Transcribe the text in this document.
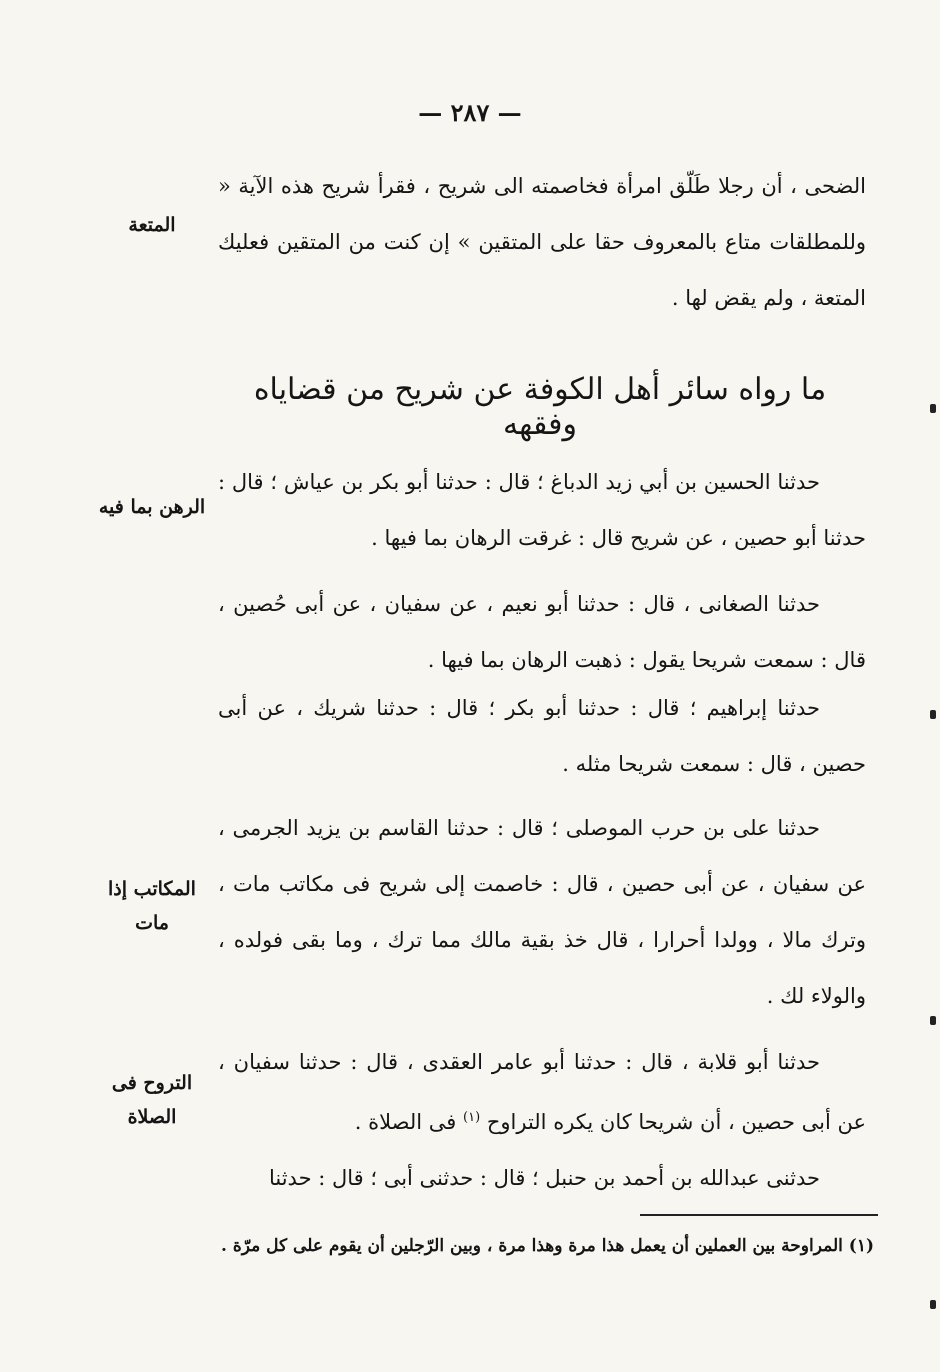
— ٢٨٧ —
المتعة
الرهن بما فيه
المكاتب إذا مات
التروح فى الصلاة

الضحى ، أن رجلا طَلّق امرأة فخاصمته الى شريح ، فقرأ شريح هذه الآية « وللمطلقات متاع بالمعروف حقا على المتقين » إن كنت من المتقين فعليك المتعة ، ولم يقض لها .

ما رواه سائر أهل الكوفة عن شريح من قضاياه وفقهه

حدثنا الحسين بن أبي زيد الدباغ ؛ قال : حدثنا أبو بكر بن عياش ؛ قال : حدثنا أبو حصين ، عن شريح قال : غرقت الرهان بما فيها .

حدثنا الصغانى ، قال : حدثنا أبو نعيم ، عن سفيان ، عن أبى حُصين ، قال : سمعت شريحا يقول : ذهبت الرهان بما فيها .

حدثنا إبراهيم ؛ قال : حدثنا أبو بكر ؛ قال : حدثنا شريك ، عن أبى حصين ، قال : سمعت شريحا مثله .

حدثنا على بن حرب الموصلى ؛ قال : حدثنا القاسم بن يزيد الجرمى ، عن سفيان ، عن أبى حصين ، قال : خاصمت إلى شريح فى مكاتب مات ، وترك مالا ، وولدا أحرارا ، قال خذ بقية مالك مما ترك ، وما بقى فولده ، والولاء لك .

حدثنا أبو قلابة ، قال : حدثنا أبو عامر العقدى ، قال : حدثنا سفيان ، عن أبى حصين ، أن شريحا كان يكره التراوح $^{(١)}$ فى الصلاة .

حدثنى عبدالله بن أحمد بن حنبل ؛ قال : حدثنى أبى ؛ قال : حدثنا

(١) المراوحة بين العملين أن يعمل هذا مرة وهذا مرة ، وبين الرّجلين أن يقوم على كل مرّة .
